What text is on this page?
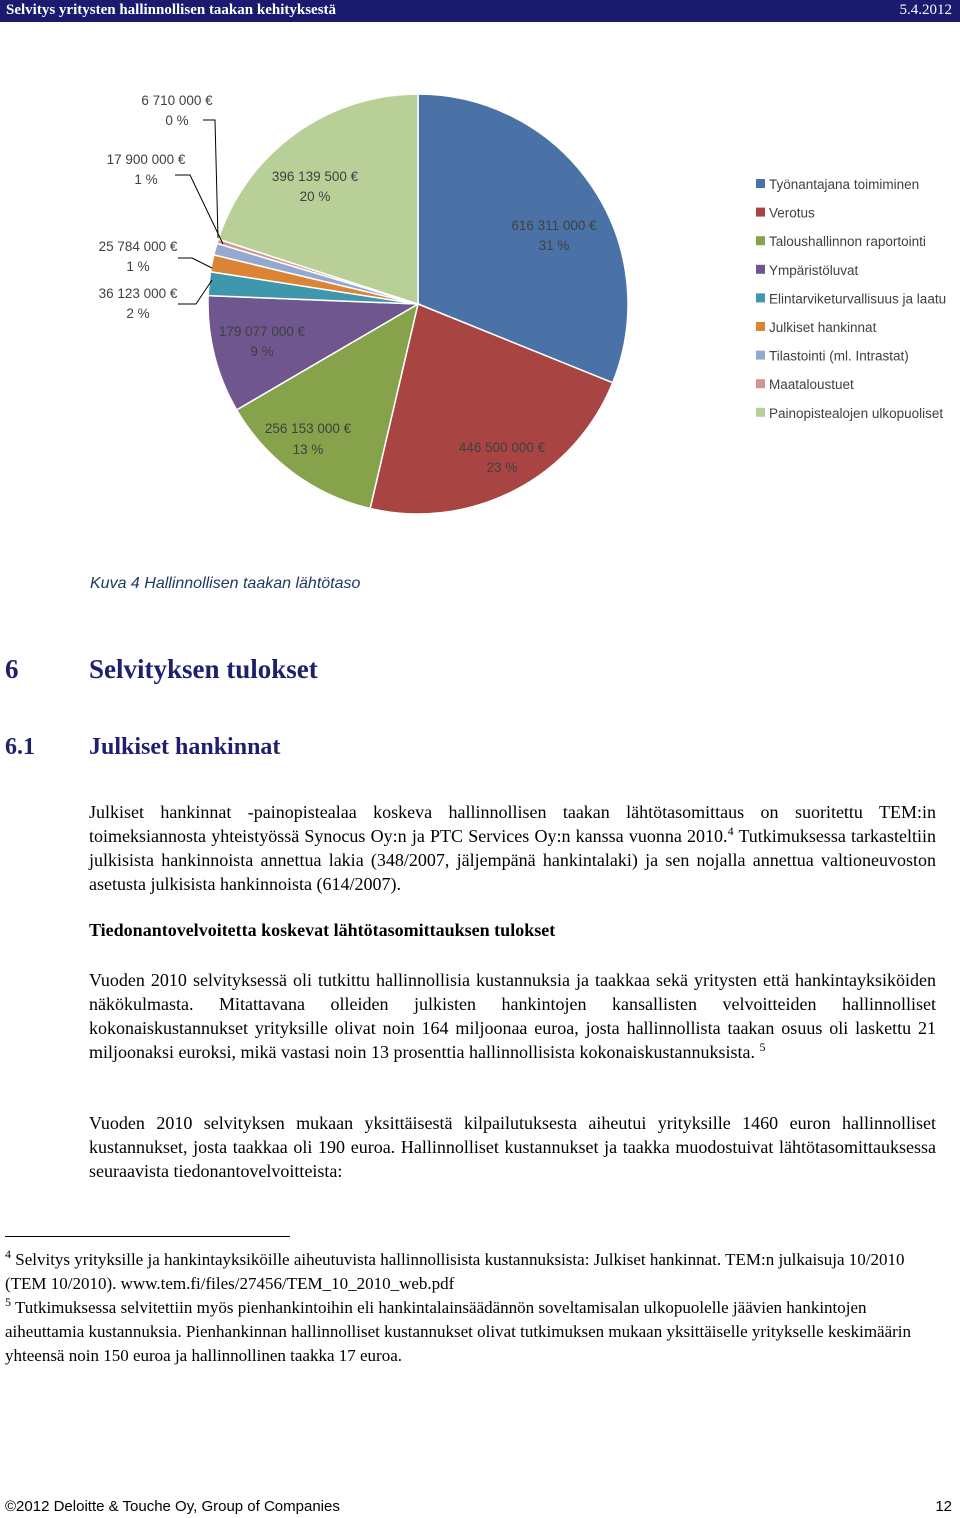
Selvitys yritysten hallinnollisen taakan kehityksestä	5.4.2012
616 311 000 €
31 %
446 500 000 €
23 %
256 153 000 €
13 %
179 077 000 €
9 %
36 123 000 €
2 %
25 784 000 €
1 %
17 900 000 €
1 %
6 710 000 €
0 %
396 139 500 €
20 %
Työnantajana toimiminen
Verotus
Taloushallinnon raportointi
Ympäristöluvat
Elintarviketurvallisuus ja laatu
Julkiset hankinnat
Tilastointi (ml. Intrastat)
Maataloustuet
Painopistealojen ulkopuoliset
Kuva 4 Hallinnollisen taakan lähtötaso
6	Selvityksen tulokset
6.1 Julkiset hankinnat
Julkiset hankinnat -painopistealaa koskeva hallinnollisen taakan lähtötasomittaus on suoritettu TEM:in toimeksiannosta yhteistyössä Synocus Oy:n ja PTC Services Oy:n kanssa vuonna 2010.$^4$ Tutkimuksessa tarkasteltiin julkisista hankinnoista annettua lakia (348/2007, jäljempänä hankintalaki) ja sen nojalla annettua valtioneuvoston asetusta julkisista hankinnoista (614/2007).
Tiedonantovelvoitetta koskevat lähtötasomittauksen tulokset
Vuoden 2010 selvityksessä oli tutkittu hallinnollisia kustannuksia ja taakkaa sekä yritysten että hankintayksiköiden näkökulmasta. Mitattavana olleiden julkisten hankintojen kansallisten velvoitteiden hallinnolliset kokonaiskustannukset yrityksille olivat noin 164 miljoonaa euroa, josta hallinnollista taakan osuus oli laskettu 21 miljoonaksi euroksi, mikä vastasi noin 13 prosenttia hallinnollisista kokonaiskustannuksista. $^5$
Vuoden 2010 selvityksen mukaan yksittäisestä kilpailutuksesta aiheutui yrityksille 1460 euron hallinnolliset kustannukset, josta taakkaa oli 190 euroa. Hallinnolliset kustannukset ja taakka muodostuivat lähtötasomittauksessa seuraavista tiedonantovelvoitteista:
$^4$ Selvitys yrityksille ja hankintayksiköille aiheutuvista hallinnollisista kustannuksista: Julkiset hankinnat. TEM:n julkaisuja 10/2010 (TEM 10/2010). www.tem.fi/files/27456/TEM_10_2010_web.pdf
$^5$ Tutkimuksessa selvitettiin myös pienhankintoihin eli hankintalainsäädännön soveltamisalan ulkopuolelle jäävien hankintojen aiheuttamia kustannuksia. Pienhankinnan hallinnolliset kustannukset olivat tutkimuksen mukaan yksittäiselle yritykselle keskimäärin yhteensä noin 150 euroa ja hallinnollinen taakka 17 euroa.
©2012 Deloitte & Touche Oy, Group of Companies	12
